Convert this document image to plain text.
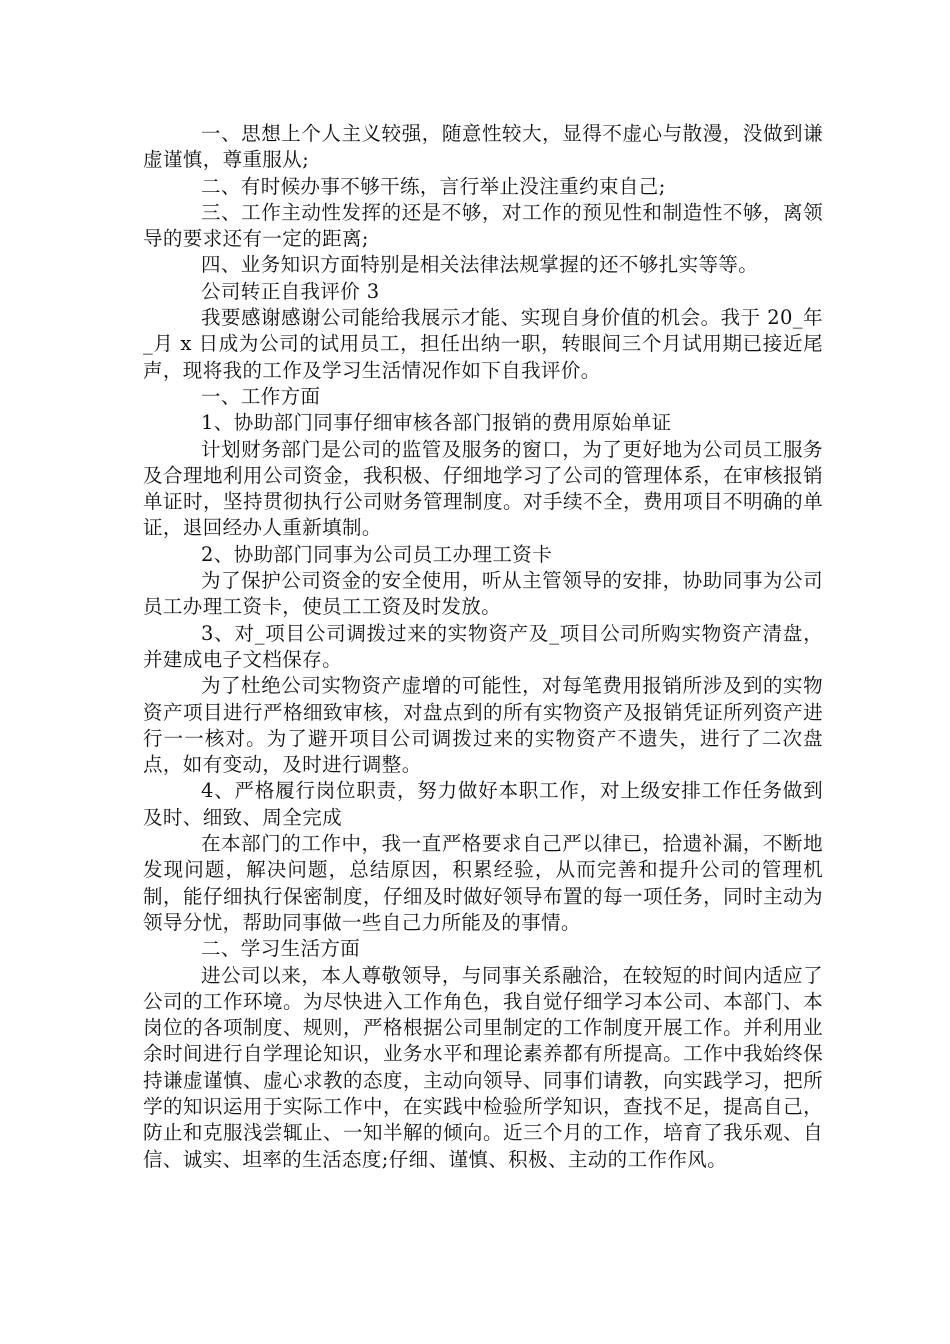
一、思想上个人主义较强，随意性较大，显得不虚心与散漫，没做到谦虚谨慎，尊重服从;

二、有时候办事不够干练，言行举止没注重约束自己;

三、工作主动性发挥的还是不够，对工作的预见性和制造性不够，离领导的要求还有一定的距离;

四、业务知识方面特别是相关法律法规掌握的还不够扎实等等。

公司转正自我评价 3

我要感谢感谢公司能给我展示才能、实现自身价值的机会。我于 20_年_月 x 日成为公司的试用员工，担任出纳一职，转眼间三个月试用期已接近尾声，现将我的工作及学习生活情况作如下自我评价。

一、工作方面

1、协助部门同事仔细审核各部门报销的费用原始单证

计划财务部门是公司的监管及服务的窗口，为了更好地为公司员工服务及合理地利用公司资金，我积极、仔细地学习了公司的管理体系，在审核报销单证时，坚持贯彻执行公司财务管理制度。对手续不全，费用项目不明确的单证，退回经办人重新填制。

2、协助部门同事为公司员工办理工资卡

为了保护公司资金的安全使用，听从主管领导的安排，协助同事为公司员工办理工资卡，使员工工资及时发放。

3、对_项目公司调拨过来的实物资产及_项目公司所购实物资产清盘，并建成电子文档保存。

为了杜绝公司实物资产虚增的可能性，对每笔费用报销所涉及到的实物资产项目进行严格细致审核，对盘点到的所有实物资产及报销凭证所列资产进行一一核对。为了避开项目公司调拨过来的实物资产不遗失，进行了二次盘点，如有变动，及时进行调整。

4、严格履行岗位职责，努力做好本职工作，对上级安排工作任务做到及时、细致、周全完成

在本部门的工作中，我一直严格要求自己严以律已，拾遗补漏，不断地发现问题，解决问题，总结原因，积累经验，从而完善和提升公司的管理机制，能仔细执行保密制度，仔细及时做好领导布置的每一项任务，同时主动为领导分忧，帮助同事做一些自己力所能及的事情。

二、学习生活方面

进公司以来，本人尊敬领导，与同事关系融洽，在较短的时间内适应了公司的工作环境。为尽快进入工作角色，我自觉仔细学习本公司、本部门、本岗位的各项制度、规则，严格根据公司里制定的工作制度开展工作。并利用业余时间进行自学理论知识，业务水平和理论素养都有所提高。工作中我始终保持谦虚谨慎、虚心求教的态度，主动向领导、同事们请教，向实践学习，把所学的知识运用于实际工作中，在实践中检验所学知识，查找不足，提高自己，防止和克服浅尝辄止、一知半解的倾向。近三个月的工作，培育了我乐观、自信、诚实、坦率的生活态度;仔细、谨慎、积极、主动的工作作风。
